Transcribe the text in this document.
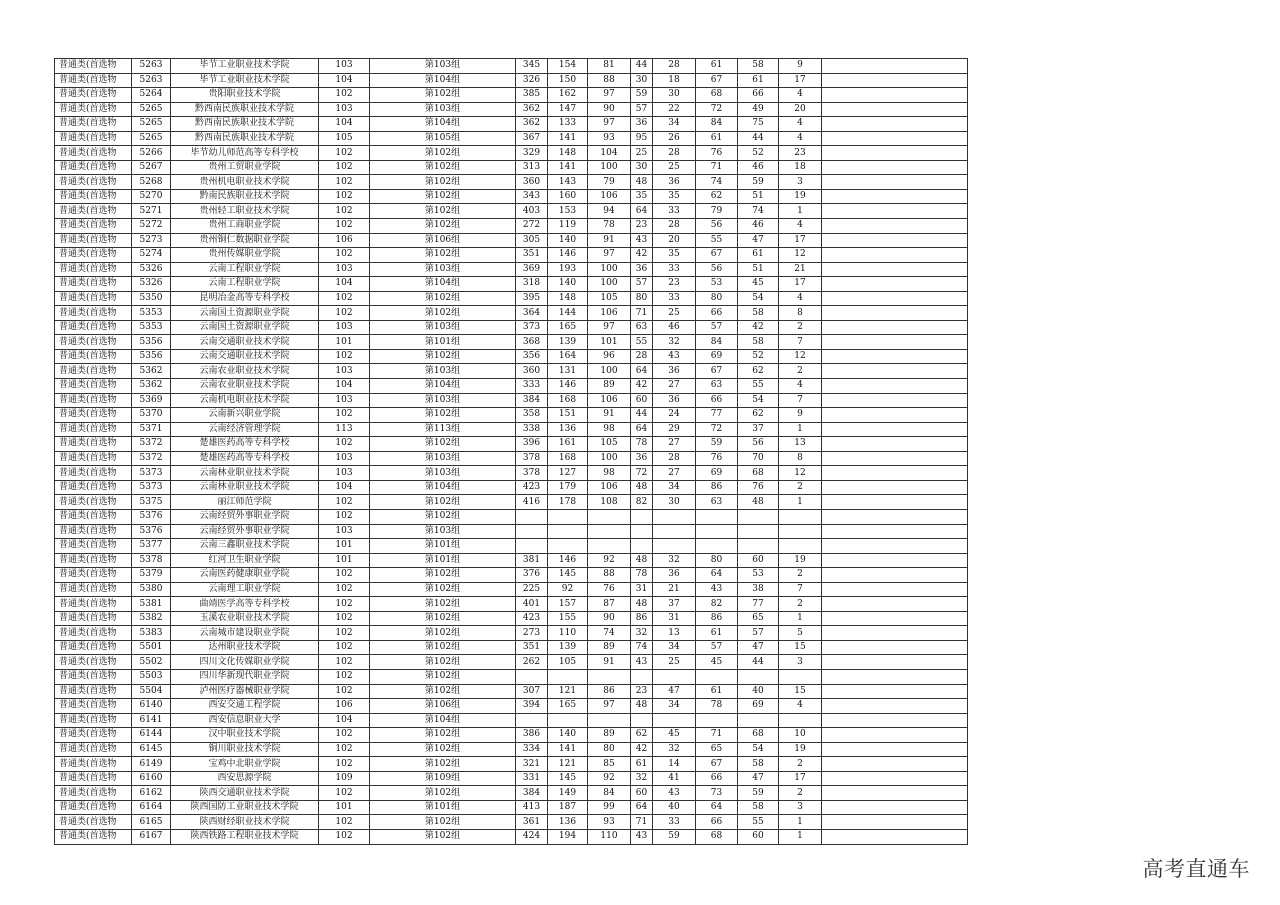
普通类(首选物	5263	毕节工业职业技术学院	103	第103组	345	154	81	44	28	61	58	9	
普通类(首选物	5263	毕节工业职业技术学院	104	第104组	326	150	88	30	18	67	61	17	
普通类(首选物	5264	贵阳职业技术学院	102	第102组	385	162	97	59	30	68	66	4	
普通类(首选物	5265	黔西南民族职业技术学院	103	第103组	362	147	90	57	22	72	49	20	
普通类(首选物	5265	黔西南民族职业技术学院	104	第104组	362	133	97	36	34	84	75	4	
普通类(首选物	5265	黔西南民族职业技术学院	105	第105组	367	141	93	95	26	61	44	4	
普通类(首选物	5266	毕节幼儿师范高等专科学校	102	第102组	329	148	104	25	28	76	52	23	
普通类(首选物	5267	贵州工贸职业学院	102	第102组	313	141	100	30	25	71	46	18	
普通类(首选物	5268	贵州机电职业技术学院	102	第102组	360	143	79	48	36	74	59	3	
普通类(首选物	5270	黔南民族职业技术学院	102	第102组	343	160	106	35	35	62	51	19	
普通类(首选物	5271	贵州轻工职业技术学院	102	第102组	403	153	94	64	33	79	74	1	
普通类(首选物	5272	贵州工商职业学院	102	第102组	272	119	78	23	28	56	46	4	
普通类(首选物	5273	贵州铜仁数据职业学院	106	第106组	305	140	91	43	20	55	47	17	
普通类(首选物	5274	贵州传媒职业学院	102	第102组	351	146	97	42	35	67	61	12	
普通类(首选物	5326	云南工程职业学院	103	第103组	369	193	100	36	33	56	51	21	
普通类(首选物	5326	云南工程职业学院	104	第104组	318	140	100	57	23	53	45	17	
普通类(首选物	5350	昆明冶金高等专科学校	102	第102组	395	148	105	80	33	80	54	4	
普通类(首选物	5353	云南国土资源职业学院	102	第102组	364	144	106	71	25	66	58	8	
普通类(首选物	5353	云南国土资源职业学院	103	第103组	373	165	97	63	46	57	42	2	
普通类(首选物	5356	云南交通职业技术学院	101	第101组	368	139	101	55	32	84	58	7	
普通类(首选物	5356	云南交通职业技术学院	102	第102组	356	164	96	28	43	69	52	12	
普通类(首选物	5362	云南农业职业技术学院	103	第103组	360	131	100	64	36	67	62	2	
普通类(首选物	5362	云南农业职业技术学院	104	第104组	333	146	89	42	27	63	55	4	
普通类(首选物	5369	云南机电职业技术学院	103	第103组	384	168	106	60	36	66	54	7	
普通类(首选物	5370	云南新兴职业学院	102	第102组	358	151	91	44	24	77	62	9	
普通类(首选物	5371	云南经济管理学院	113	第113组	338	136	98	64	29	72	37	1	
普通类(首选物	5372	楚雄医药高等专科学校	102	第102组	396	161	105	78	27	59	56	13	
普通类(首选物	5372	楚雄医药高等专科学校	103	第103组	378	168	100	36	28	76	70	8	
普通类(首选物	5373	云南林业职业技术学院	103	第103组	378	127	98	72	27	69	68	12	
普通类(首选物	5373	云南林业职业技术学院	104	第104组	423	179	106	48	34	86	76	2	
普通类(首选物	5375	丽江师范学院	102	第102组	416	178	108	82	30	63	48	1	
普通类(首选物	5376	云南经贸外事职业学院	102	第102组									
普通类(首选物	5376	云南经贸外事职业学院	103	第103组									
普通类(首选物	5377	云南三鑫职业技术学院	101	第101组									
普通类(首选物	5378	红河卫生职业学院	101	第101组	381	146	92	48	32	80	60	19	
普通类(首选物	5379	云南医药健康职业学院	102	第102组	376	145	88	78	36	64	53	2	
普通类(首选物	5380	云南理工职业学院	102	第102组	225	92	76	31	21	43	38	7	
普通类(首选物	5381	曲靖医学高等专科学校	102	第102组	401	157	87	48	37	82	77	2	
普通类(首选物	5382	玉溪农业职业技术学院	102	第102组	423	155	90	86	31	86	65	1	
普通类(首选物	5383	云南城市建设职业学院	102	第102组	273	110	74	32	13	61	57	5	
普通类(首选物	5501	达州职业技术学院	102	第102组	351	139	89	74	34	57	47	15	
普通类(首选物	5502	四川文化传媒职业学院	102	第102组	262	105	91	43	25	45	44	3	
普通类(首选物	5503	四川华新现代职业学院	102	第102组									
普通类(首选物	5504	泸州医疗器械职业学院	102	第102组	307	121	86	23	47	61	40	15	
普通类(首选物	6140	西安交通工程学院	106	第106组	394	165	97	48	34	78	69	4	
普通类(首选物	6141	西安信息职业大学	104	第104组									
普通类(首选物	6144	汉中职业技术学院	102	第102组	386	140	89	62	45	71	68	10	
普通类(首选物	6145	铜川职业技术学院	102	第102组	334	141	80	42	32	65	54	19	
普通类(首选物	6149	宝鸡中北职业学院	102	第102组	321	121	85	61	14	67	58	2	
普通类(首选物	6160	西安思源学院	109	第109组	331	145	92	32	41	66	47	17	
普通类(首选物	6162	陕西交通职业技术学院	102	第102组	384	149	84	60	43	73	59	2	
普通类(首选物	6164	陕西国防工业职业技术学院	101	第101组	413	187	99	64	40	64	58	3	
普通类(首选物	6165	陕西财经职业技术学院	102	第102组	361	136	93	71	33	66	55	1	
普通类(首选物	6167	陕西铁路工程职业技术学院	102	第102组	424	194	110	43	59	68	60	1	
高考直通车
